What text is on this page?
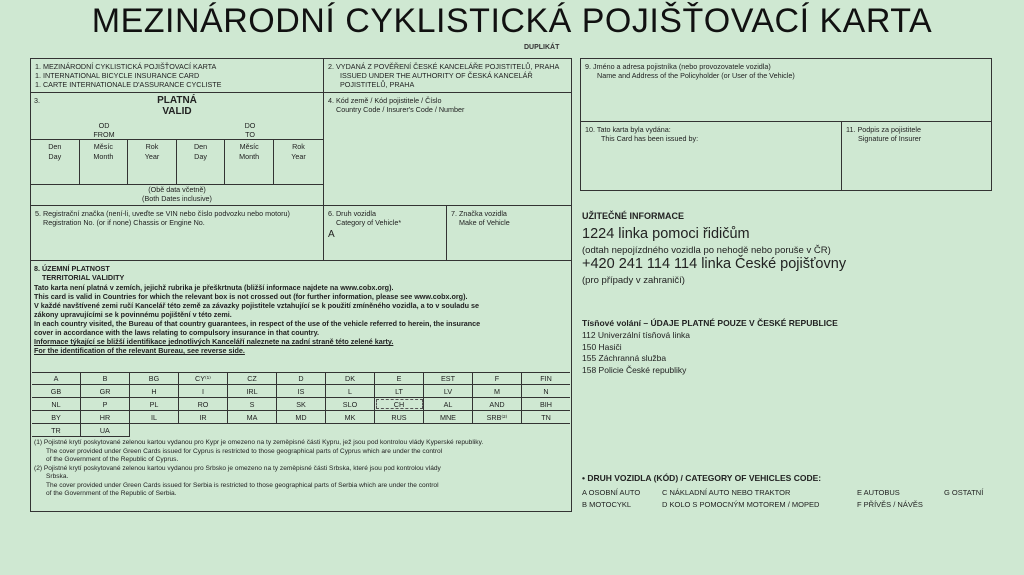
MEZINÁRODNÍ CYKLISTICKÁ POJIŠŤOVACÍ KARTA
DUPLIKÁT
1. MEZINÁRODNÍ CYKLISTICKÁ POJIŠŤOVACÍ KARTA
1. INTERNATIONAL BICYCLE INSURANCE CARD
1. CARTE INTERNATIONALE D'ASSURANCE CYCLISTE
2. VYDANÁ Z POVĚŘENÍ ČESKÉ KANCELÁŘE POJISTITELŮ, PRAHA
ISSUED UNDER THE AUTHORITY OF ČESKÁ KANCELÁŘ
POJISTITELŮ, PRAHA
3.	PLATNÁ
VALID
OD
FROM
DO
TO
Den
Day
Měsíc
Month
Rok
Year
Den
Day
Měsíc
Month
Rok
Year
(Obě data včetně)
(Both Dates inclusive)
4. Kód země / Kód pojistitele / Číslo
Country Code / Insurer's Code / Number
5. Registrační značka (není-li, uveďte se VIN nebo číslo podvozku nebo motoru)
Registration No. (or if none) Chassis or Engine No.
6. Druh vozidla
Category of Vehicle*
A
7. Značka vozidla
Make of Vehicle
8. ÚZEMNÍ PLATNOST
TERRITORIAL VALIDITY
Tato karta není platná v zemích, jejichž rubrika je přeškrtnuta (bližší informace najdete na www.cobx.org).
This card is valid in Countries for which the relevant box is not crossed out (for further information, please see www.cobx.org).
V každé navštívené zemi ručí Kancelář této země za závazky pojistitele vztahující se k použití zmíněného vozidla, a to v souladu se
zákony upravujícími se k povinnému pojištění v této zemi.
In each country visited, the Bureau of that country guarantees, in respect of the use of the vehicle referred to herein, the insurance
cover in accordance with the laws relating to compulsory insurance in that country.
Informace týkající se bližší identifikace jednotlivých Kanceláří naleznete na zadní straně této zelené karty.
For the identification of the relevant Bureau, see reverse side.
A	B	BG	CY⁽¹⁾	CZ	D	DK	E	EST	F	FIN
GB	GR	H	I	IRL	IS	L	LT	LV	M	N
NL	P	PL	RO	S	SK	SLO	CH	AL	AND	BIH
BY	HR	IL	IR	MA	MD	MK	RUS	MNE	SRB⁽²⁾	TN
TR	UA
(1) Pojistné krytí poskytované zelenou kartou vydanou pro Kypr je omezeno na ty zeměpisné části Kypru, jež jsou pod kontrolou vlády Kyperské republiky.
The cover provided under Green Cards issued for Cyprus is restricted to those geographical parts of Cyprus which are under the control
of the Government of the Republic of Cyprus.
(2) Pojistné krytí poskytované zelenou kartou vydanou pro Srbsko je omezeno na ty zeměpisné části Srbska, které jsou pod kontrolou vlády
Srbska.
The cover provided under Green Cards issued for Serbia is restricted to those geographical parts of Serbia which are under the control
of the Government of the Republic of Serbia.
9. Jméno a adresa pojistníka (nebo provozovatele vozidla)
Name and Address of the Policyholder (or User of the Vehicle)
10. Tato karta byla vydána:
This Card has been issued by:
11. Podpis za pojistitele
Signature of Insurer
UŽITEČNÉ INFORMACE
1224 linka pomoci řidičům
(odtah nepojízdného vozidla po nehodě nebo poruše v ČR)
+420 241 114 114 linka České pojišťovny
(pro případy v zahraničí)
Tísňové volání – ÚDAJE PLATNÉ POUZE V ČESKÉ REPUBLICE
112 Univerzální tísňová linka
150 Hasiči
155 Záchranná služba
158 Policie České republiky
• DRUH VOZIDLA (KÓD) / CATEGORY OF VEHICLES CODE:
A OSOBNÍ AUTO	C NÁKLADNÍ AUTO NEBO TRAKTOR	E AUTOBUS	G OSTATNÍ
B MOTOCYKL	D KOLO S POMOCNÝM MOTOREM / MOPED	F PŘÍVĚS / NÁVĚS
